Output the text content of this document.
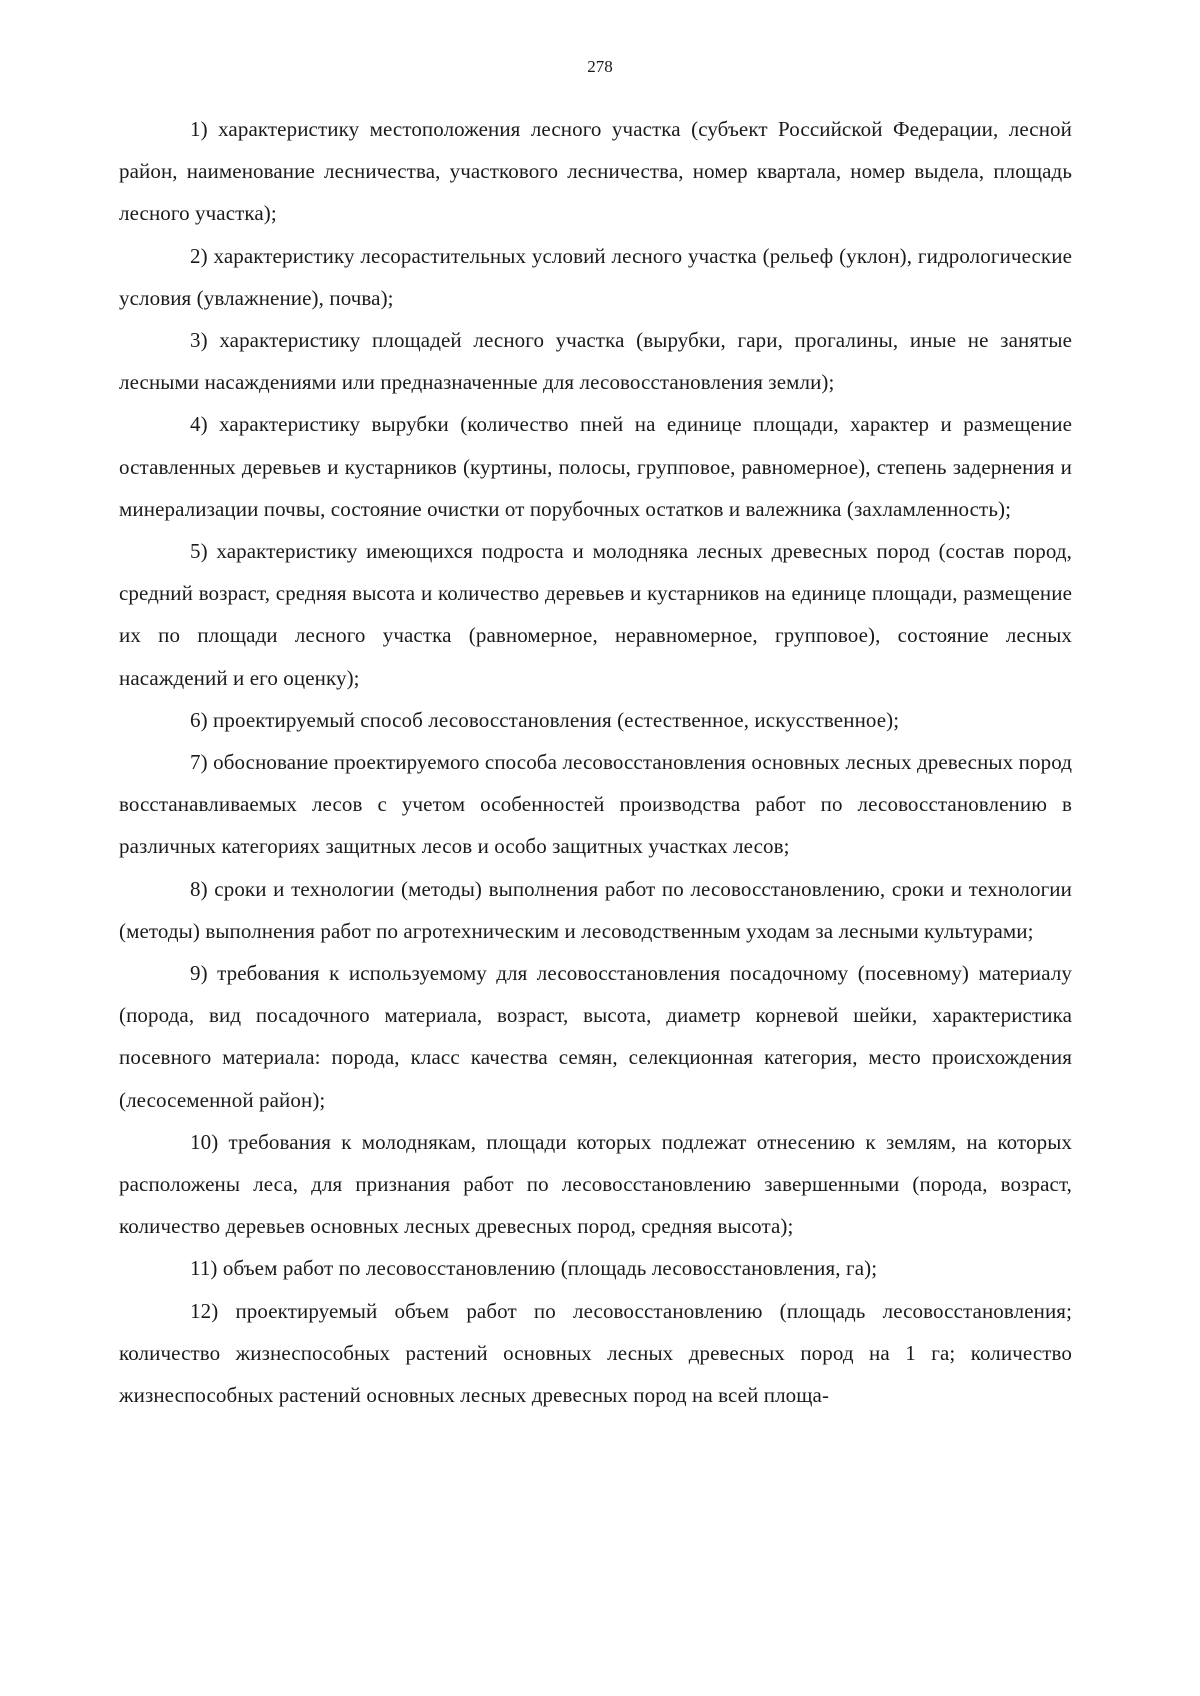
278

1) характеристику местоположения лесного участка (субъект Российской Федерации, лесной район, наименование лесничества, участкового лесничества, номер квартала, номер выдела, площадь лесного участка);

2) характеристику лесорастительных условий лесного участка (рельеф (уклон), гидрологические условия (увлажнение), почва);

3) характеристику площадей лесного участка (вырубки, гари, прогалины, иные не занятые лесными насаждениями или предназначенные для лесовосстановления земли);

4) характеристику вырубки (количество пней на единице площади, характер и размещение оставленных деревьев и кустарников (куртины, полосы, групповое, равномерное), степень задернения и минерализации почвы, состояние очистки от порубочных остатков и валежника (захламленность);

5) характеристику имеющихся подроста и молодняка лесных древесных пород (состав пород, средний возраст, средняя высота и количество деревьев и кустарников на единице площади, размещение их по площади лесного участка (равномерное, неравномерное, групповое), состояние лесных насаждений и его оценку);

6) проектируемый способ лесовосстановления (естественное, искусственное);

7) обоснование проектируемого способа лесовосстановления основных лесных древесных пород восстанавливаемых лесов с учетом особенностей производства работ по лесовосстановлению в различных категориях защитных лесов и особо защитных участках лесов;

8) сроки и технологии (методы) выполнения работ по лесовосстановлению, сроки и технологии (методы) выполнения работ по агротехническим и лесоводственным уходам за лесными культурами;

9) требования к используемому для лесовосстановления посадочному (посевному) материалу (порода, вид посадочного материала, возраст, высота, диаметр корневой шейки, характеристика посевного материала: порода, класс качества семян, селекционная категория, место происхождения (лесосеменной район);

10) требования к молоднякам, площади которых подлежат отнесению к землям, на которых расположены леса, для признания работ по лесовосстановлению завершенными (порода, возраст, количество деревьев основных лесных древесных пород, средняя высота);

11) объем работ по лесовосстановлению (площадь лесовосстановления, га);

12) проектируемый объем работ по лесовосстановлению (площадь лесовосстановления; количество жизнеспособных растений основных лесных древесных пород на 1 га; количество жизнеспособных растений основных лесных древесных пород на всей площа-
